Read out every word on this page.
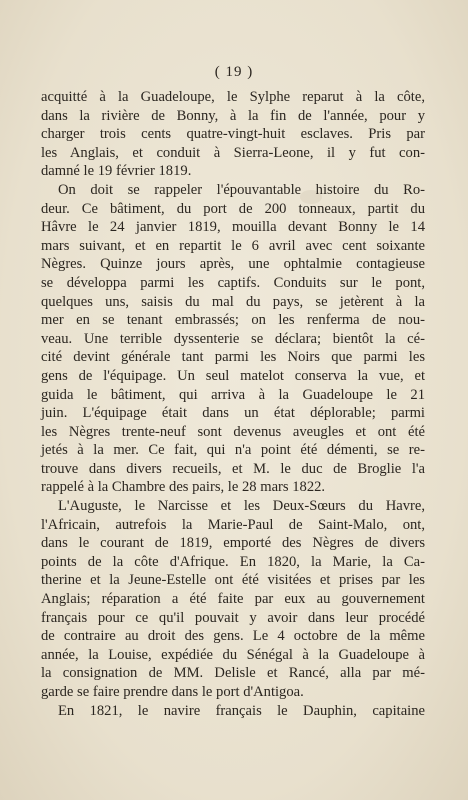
( 19 )

acquitté à la Guadeloupe, le Sylphe reparut à la côte,
dans la rivière de Bonny, à la fin de l'année, pour y
charger trois cents quatre-vingt-huit esclaves. Pris par
les Anglais, et conduit à Sierra-Leone, il y fut con-
damné le 19 février 1819.

On doit se rappeler l'épouvantable histoire du Ro-
deur. Ce bâtiment, du port de 200 tonneaux, partit du
Hâvre le 24 janvier 1819, mouilla devant Bonny le 14
mars suivant, et en repartit le 6 avril avec cent soixante
Nègres. Quinze jours après, une ophtalmie contagieuse
se développa parmi les captifs. Conduits sur le pont,
quelques uns, saisis du mal du pays, se jetèrent à la
mer en se tenant embrassés; on les renferma de nou-
veau. Une terrible dyssenterie se déclara; bientôt la cé-
cité devint générale tant parmi les Noirs que parmi les
gens de l'équipage. Un seul matelot conserva la vue, et
guida le bâtiment, qui arriva à la Guadeloupe le 21
juin. L'équipage était dans un état déplorable; parmi
les Nègres trente-neuf sont devenus aveugles et ont été
jetés à la mer. Ce fait, qui n'a point été démenti, se re-
trouve dans divers recueils, et M. le duc de Broglie l'a
rappelé à la Chambre des pairs, le 28 mars 1822.

L'Auguste, le Narcisse et les Deux-Sœurs du Havre,
l'Africain, autrefois la Marie-Paul de Saint-Malo, ont,
dans le courant de 1819, emporté des Nègres de divers
points de la côte d'Afrique. En 1820, la Marie, la Ca-
therine et la Jeune-Estelle ont été visitées et prises par les
Anglais; réparation a été faite par eux au gouvernement
français pour ce qu'il pouvait y avoir dans leur procédé
de contraire au droit des gens. Le 4 octobre de la même
année, la Louise, expédiée du Sénégal à la Guadeloupe à
la consignation de MM. Delisle et Rancé, alla par mé-
garde se faire prendre dans le port d'Antigoa.

En 1821, le navire français le Dauphin, capitaine
